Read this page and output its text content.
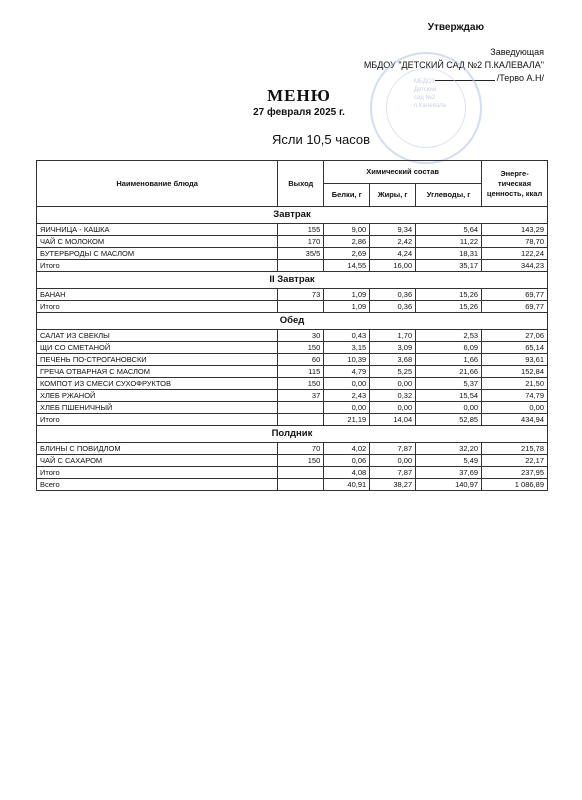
Утверждаю
Заведующая
МБДОУ "ДЕТСКИЙ САД №2 П.КАЛЕВАЛА"
/Терво А.Н/
МБДОУ Детский сад №2 п.Калевала
МЕНЮ
27 февраля 2025 г.
Ясли 10,5 часов
Наименование блюда	Выход	Химический состав			Энерге-тическая ценность, ккал
		Белки, г	Жиры, г	Углеводы, г	
Завтрак					
ЯИЧНИЦА - КАШКА	155	9,00	9,34	5,64	143,29
ЧАЙ С МОЛОКОМ	170	2,86	2,42	11,22	78,70
БУТЕРБРОДЫ С МАСЛОМ	35/5	2,69	4,24	18,31	122,24
Итого		14,55	16,00	35,17	344,23
II Завтрак					
БАНАН	73	1,09	0,36	15,26	69,77
Итого		1,09	0,36	15,26	69,77
Обед					
САЛАТ ИЗ СВЕКЛЫ	30	0,43	1,70	2,53	27,06
ЩИ СО СМЕТАНОЙ	150	3,15	3,09	6,09	65,14
ПЕЧЕНЬ ПО-СТРОГАНОВСКИ	60	10,39	3,68	1,66	93,61
ГРЕЧА ОТВАРНАЯ С МАСЛОМ	115	4,79	5,25	21,66	152,84
КОМПОТ ИЗ СМЕСИ СУХОФРУКТОВ	150	0,00	0,00	5,37	21,50
ХЛЕБ РЖАНОЙ	37	2,43	0,32	15,54	74,79
ХЛЕБ ПШЕНИЧНЫЙ		0,00	0,00	0,00	0,00
Итого		21,19	14,04	52,85	434,94
Полдник					
БЛИНЫ С ПОВИДЛОМ	70	4,02	7,87	32,20	215,78
ЧАЙ С САХАРОМ	150	0,06	0,00	5,49	22,17
Итого		4,08	7,87	37,69	237,95
Всего		40,91	38,27	140,97	1 086,89
